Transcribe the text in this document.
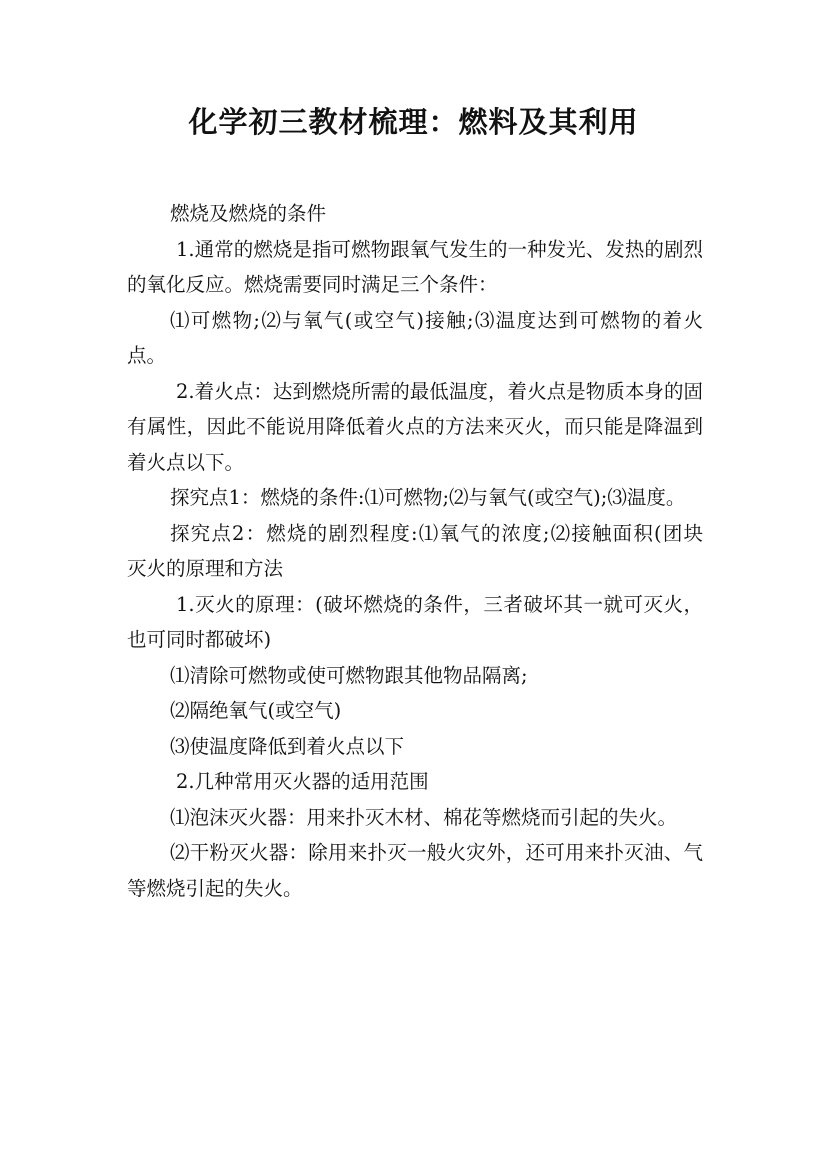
化学初三教材梳理：燃料及其利用

燃烧及燃烧的条件

1.通常的燃烧是指可燃物跟氧气发生的一种发光、发热的剧烈的氧化反应。燃烧需要同时满足三个条件：

⑴可燃物;⑵与氧气(或空气)接触;⑶温度达到可燃物的着火点。

2.着火点：达到燃烧所需的最低温度，着火点是物质本身的固有属性，因此不能说用降低着火点的方法来灭火，而只能是降温到着火点以下。

探究点1：燃烧的条件:⑴可燃物;⑵与氧气(或空气);⑶温度。

探究点2：燃烧的剧烈程度:⑴氧气的浓度;⑵接触面积(团块　　灭火的原理和方法

1.灭火的原理：(破坏燃烧的条件，三者破坏其一就可灭火，也可同时都破坏)

⑴清除可燃物或使可燃物跟其他物品隔离;

⑵隔绝氧气(或空气)

⑶使温度降低到着火点以下

2.几种常用灭火器的适用范围

⑴泡沫灭火器：用来扑灭木材、棉花等燃烧而引起的失火。

⑵干粉灭火器：除用来扑灭一般火灾外，还可用来扑灭油、气等燃烧引起的失火。
